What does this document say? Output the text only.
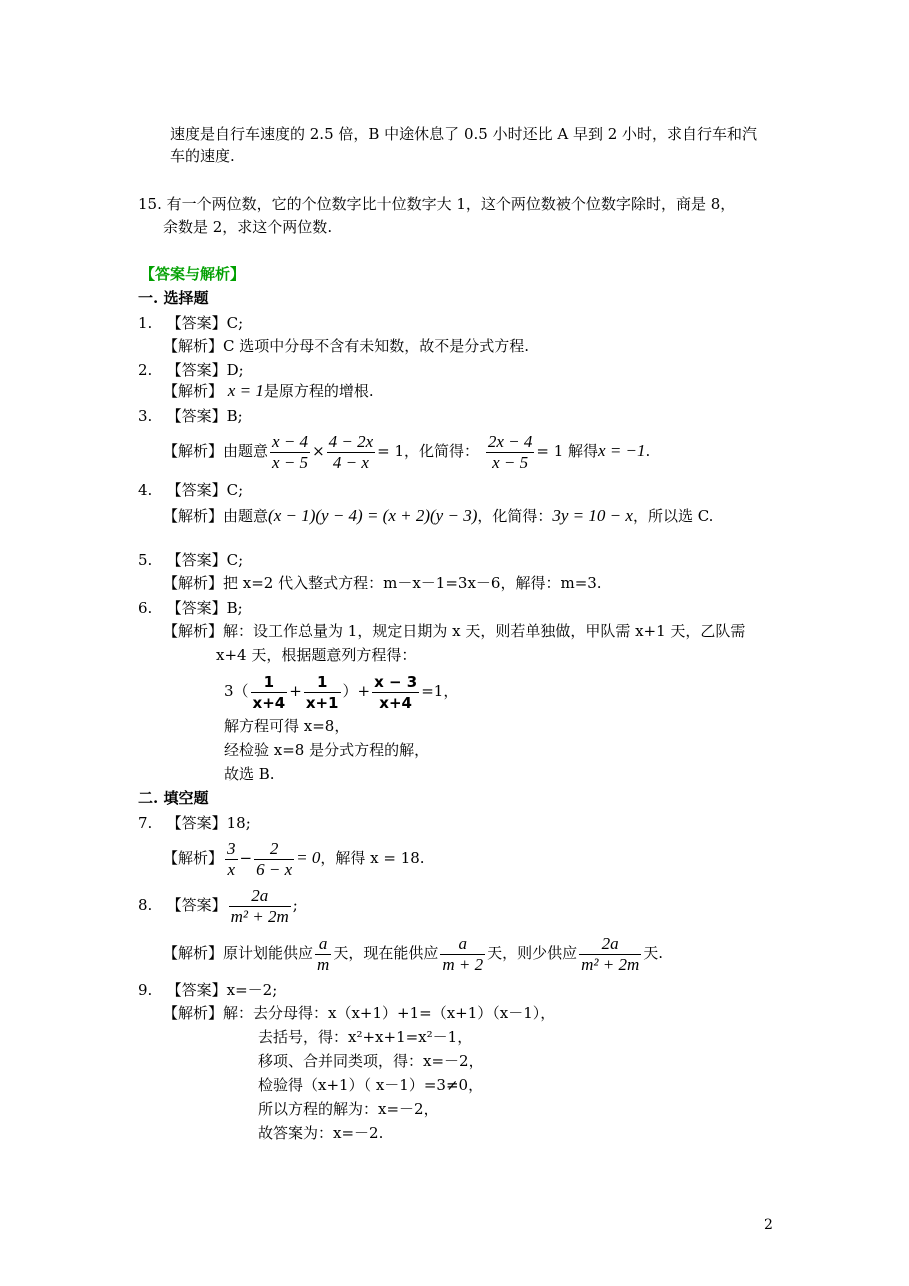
速度是自行车速度的 2.5 倍，B 中途休息了 0.5 小时还比 A 早到 2 小时，求自行车和汽
车的速度.
15. 有一个两位数，它的个位数字比十位数字大 1，这个两位数被个位数字除时，商是 8，
余数是 2，求这个两位数.
【答案与解析】
一. 选择题
1. 【答案】C;
【解析】C 选项中分母不含有未知数，故不是分式方程.
2. 【答案】D;
【解析】 x = 1是原方程的增根.
3. 【答案】B;
【解析】由题意 $\frac{x - 4}{x - 5} \times \frac{4 - 2x}{4 - x} = 1$，化简得： $\frac{2x - 4}{x - 5} = 1$ 解得x = −1.
4. 【答案】C;
【解析】由题意(x − 1)(y − 4) = (x + 2)(y − 3)，化简得：3y = 10 − x，所以选 C.
5. 【答案】C;
【解析】把 x=2 代入整式方程：m－x－1=3x－6，解得：m=3.
6. 【答案】B;
【解析】解：设工作总量为 1，规定日期为 x 天，则若单独做，甲队需 x+1 天，乙队需
x+4 天，根据题意列方程得：
$3( \frac{1}{x+4} + \frac{1}{x+1}$ ）+ $\frac{x - 3}{x+4} =1$，
解方程可得 x=8，
经检验 x=8 是分式方程的解，
故选 B.
二. 填空题
7. 【答案】18;
【解析】 $\frac{3}{x} - \frac{2}{6 - x} = 0$，解得 x = 18.
8. 【答案】 $\frac{2a}{\text{m² + 2m}}$ ;
【解析】原计划能供应 $\frac{a}{m}$ 天，现在能供应 $\frac{a}{m + 2}$ 天，则少供应 $\frac{2a}{\text{m² + 2m}}$ 天.
9. 【答案】x=－2;
【解析】解：去分母得：x（x+1）+1=（x+1）（x－1），
去括号，得：x²+x+1=x²－1，
移项、合并同类项，得：x=－2，
检验得（x+1）（ x－1）=3≠0，
所以方程的解为：x=－2，
故答案为：x=－2.
2
